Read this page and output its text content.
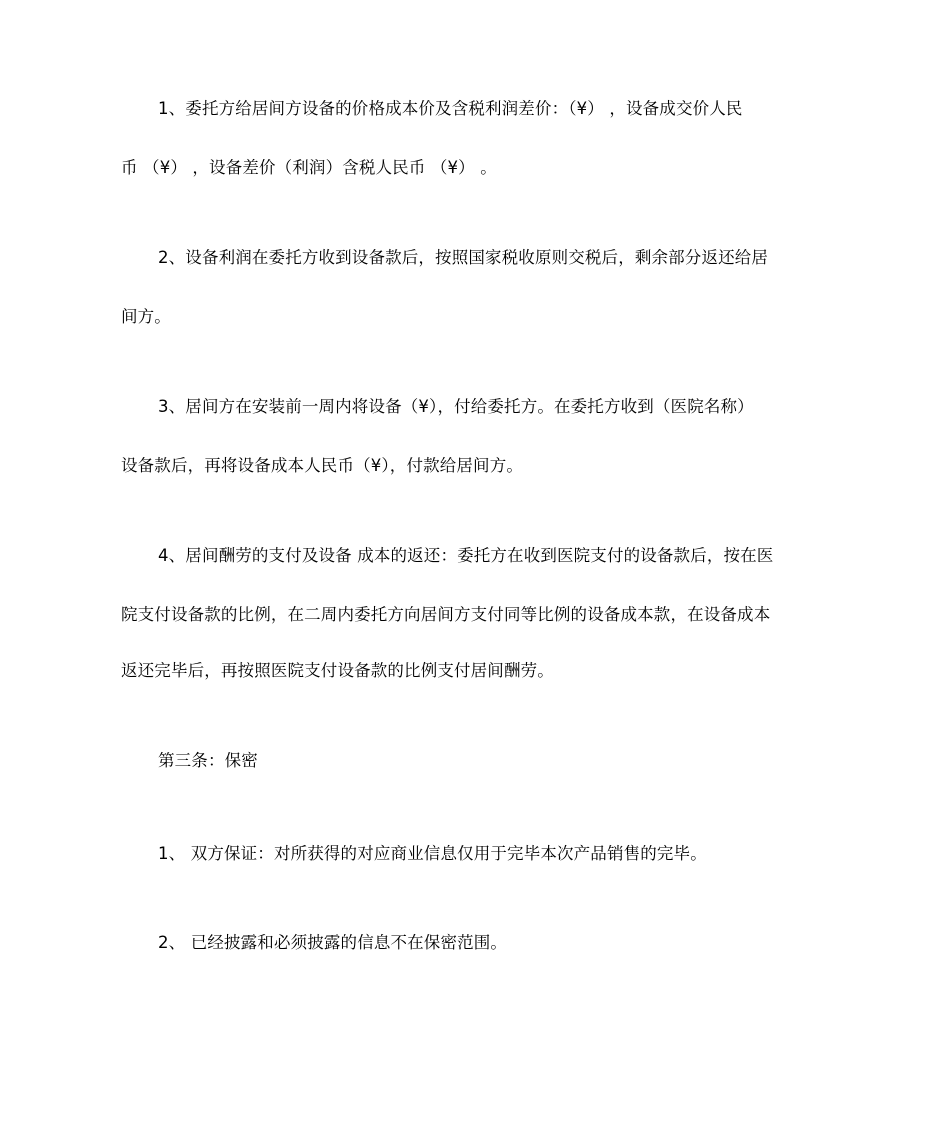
1、委托方给居间方设备的价格成本价及含税利润差价：（¥） ，设备成交价人民
币 （¥） ，设备差价（利润）含税人民币 （¥） 。
2、设备利润在委托方收到设备款后，按照国家税收原则交税后，剩余部分返还给居
间方。
3、居间方在安装前一周内将设备（¥），付给委托方。在委托方收到（医院名称）
设备款后，再将设备成本人民币（¥），付款给居间方。
4、居间酬劳的支付及设备 成本的返还：委托方在收到医院支付的设备款后，按在医
院支付设备款的比例，在二周内委托方向居间方支付同等比例的设备成本款，在设备成本
返还完毕后，再按照医院支付设备款的比例支付居间酬劳。
第三条：保密
1、 双方保证：对所获得的对应商业信息仅用于完毕本次产品销售的完毕。
2、 已经披露和必须披露的信息不在保密范围。
